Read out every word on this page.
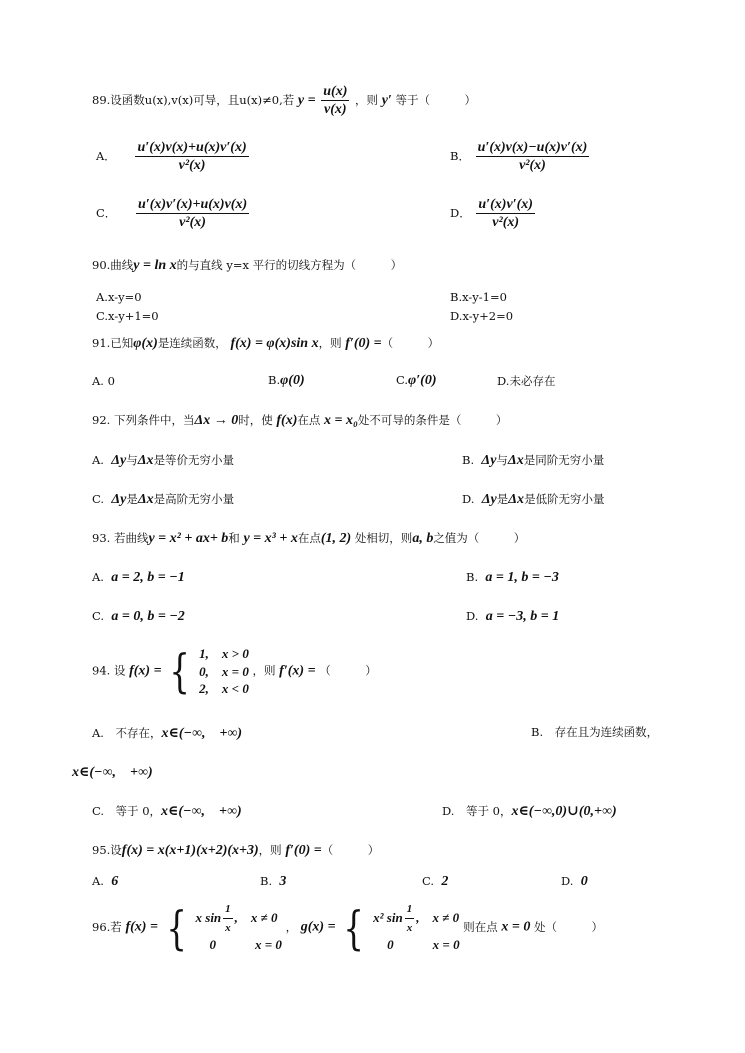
89.设函数u(x),v(x)可导，且u(x)≠0,若 $y = \frac{u(x)}{v(x)}$ ，则 y′ 等于（　　　）
A． $\frac{u'(x)v(x)+u(x)v'(x)}{\text{v²(x)}}$	B． $\frac{u'(x)v(x)-u(x)v'(x)}{\text{v²(x)}}$
C． $\frac{u'(x)v'(x)+u(x)v(x)}{\text{v²(x)}}$	D． $\frac{u'(x)v'(x)}{\text{v²(x)}}$
90.曲线y = ln x的与直线 y=x 平行的切线方程为（　　　）
A.x-y=0	B.x-y-1=0
C.x-y+1=0	D.x-y+2=0
91.已知φ(x)是连续函数， f(x) = φ(x)sin x，则 f′(0) =（　　　）
A. 0	B.φ(0)	C.φ′(0)	D.未必存在
92. 下列条件中，当Δx → 0时，使 f(x)在点 x = x₀处不可导的条件是（　　　）
A. Δy与Δx是等价无穷小量	B. Δy与Δx是同阶无穷小量
C. Δy是Δx是高阶无穷小量	D. Δy是Δx是低阶无穷小量
93. 若曲线y = x² + ax+ b和 y = x³ + x在点(1, 2) 处相切，则a, b之值为（　　　）
A. a = 2, b = −1	B. a = 1, b = −3
C. a = 0, b = −2	D. a = −3, b = 1
94. 设 f(x) = { 1,　x > 0
0,　x = 0
2,　x < 0
，则 f′(x) = （　　　）
A.　不存在，x∈(−∞,　+∞)	B.　存在且为连续函数，
x∈(−∞,　+∞)
C.　等于 0，x∈(−∞,　+∞)	D.　等于 0，x∈(−∞,0)∪(0,+∞)
95.设f(x) = x(x+1)(x+2)(x+3)，则 f′(0) =（　　　）
A. 6	B. 3	C. 2	D. 0
96.若 f(x) = { x $\sin \frac{1}{x}$ ,　x ≠ 0
0　　　x = 0
， g(x) = { x² $\sin \frac{1}{x}$ ,　x ≠ 0
0　　　x = 0
则在点 x = 0 处（　　　）
